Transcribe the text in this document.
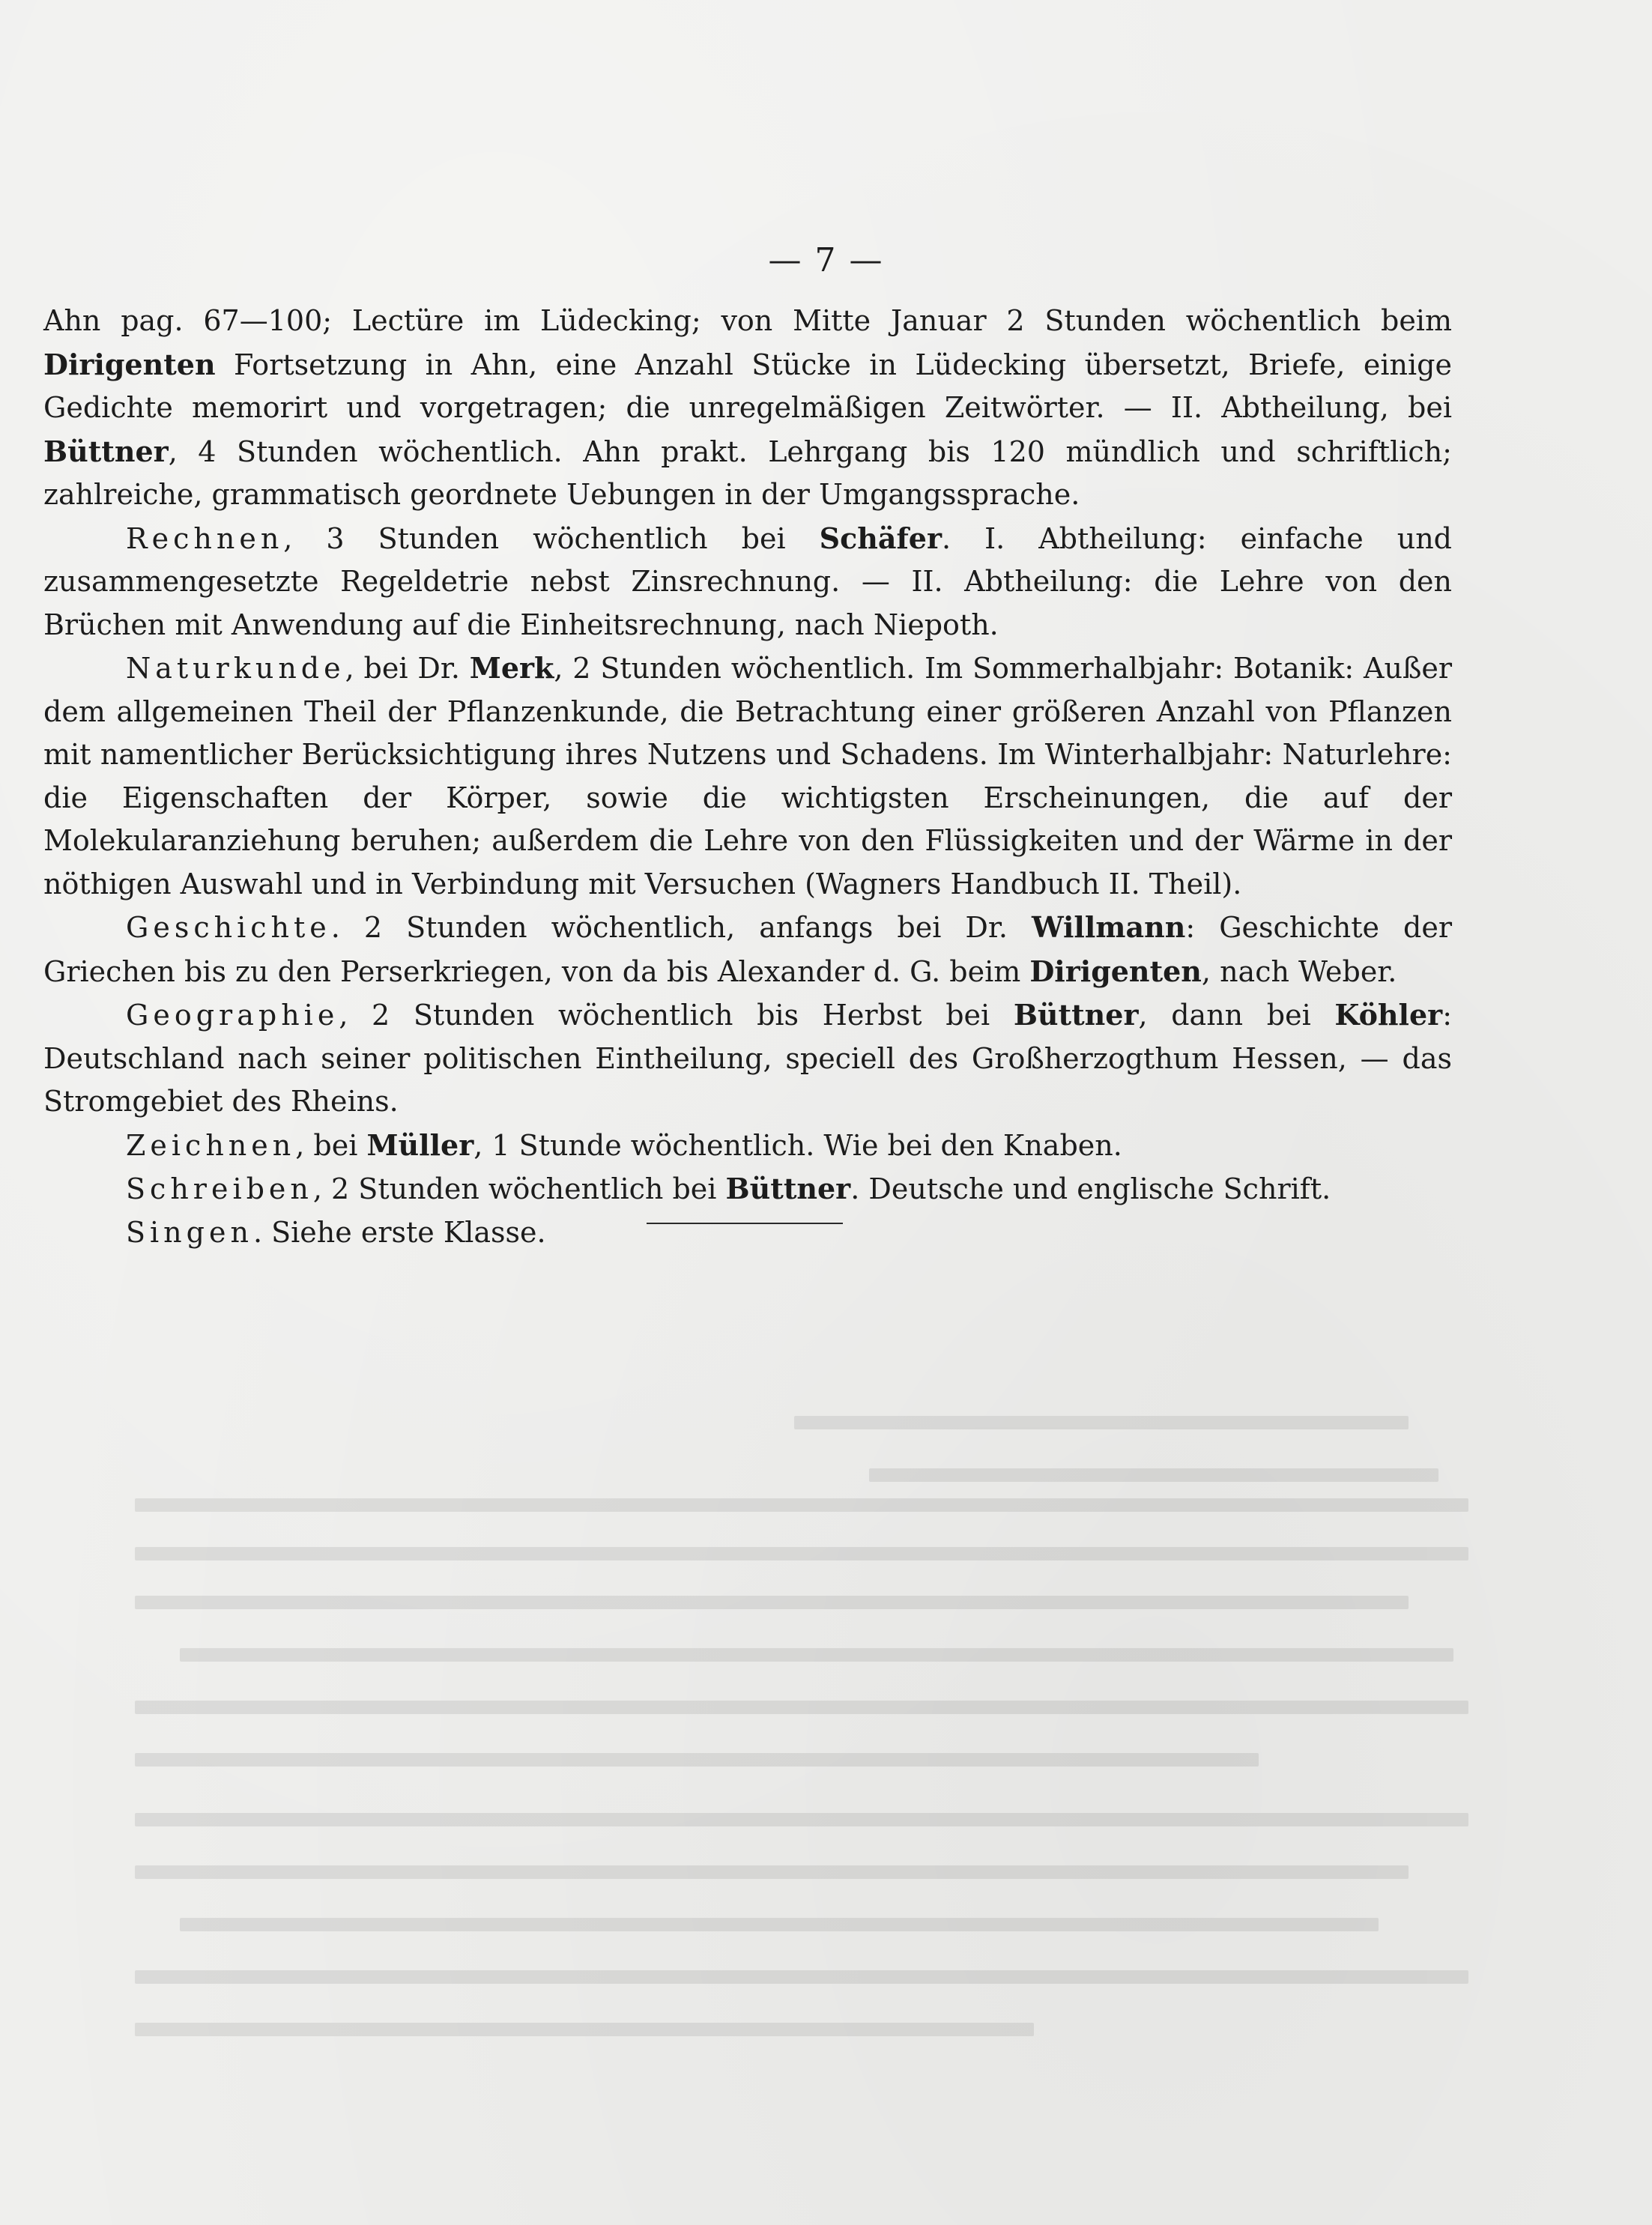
— 7 —

Ahn pag. 67—100; Lectüre im Lüdecking; von Mitte Januar 2 Stunden wöchentlich beim Dirigenten Fortsetzung in Ahn, eine Anzahl Stücke in Lüdecking übersetzt, Briefe, einige Gedichte memorirt und vorgetragen; die unregelmäßigen Zeitwörter. — II. Abtheilung, bei Büttner, 4 Stunden wöchentlich. Ahn prakt. Lehrgang bis 120 mündlich und schriftlich; zahlreiche, grammatisch geordnete Uebungen in der Umgangssprache.

Rechnen, 3 Stunden wöchentlich bei Schäfer. I. Abtheilung: einfache und zusammengesetzte Regeldetrie nebst Zinsrechnung. — II. Abtheilung: die Lehre von den Brüchen mit Anwendung auf die Einheitsrechnung, nach Niepoth.

Naturkunde, bei Dr. Merk, 2 Stunden wöchentlich. Im Sommerhalbjahr: Botanik: Außer dem allgemeinen Theil der Pflanzenkunde, die Betrachtung einer größeren Anzahl von Pflanzen mit namentlicher Berücksichtigung ihres Nutzens und Schadens. Im Winterhalbjahr: Naturlehre: die Eigenschaften der Körper, sowie die wichtigsten Erscheinungen, die auf der Molekularanziehung beruhen; außerdem die Lehre von den Flüssigkeiten und der Wärme in der nöthigen Auswahl und in Verbindung mit Versuchen (Wagners Handbuch II. Theil).

Geschichte. 2 Stunden wöchentlich, anfangs bei Dr. Willmann: Geschichte der Griechen bis zu den Perserkriegen, von da bis Alexander d. G. beim Dirigenten, nach Weber.

Geographie, 2 Stunden wöchentlich bis Herbst bei Büttner, dann bei Köhler: Deutschland nach seiner politischen Eintheilung, speciell des Großherzogthum Hessen, — das Stromgebiet des Rheins.

Zeichnen, bei Müller, 1 Stunde wöchentlich. Wie bei den Knaben.

Schreiben, 2 Stunden wöchentlich bei Büttner. Deutsche und englische Schrift.

Singen. Siehe erste Klasse.
